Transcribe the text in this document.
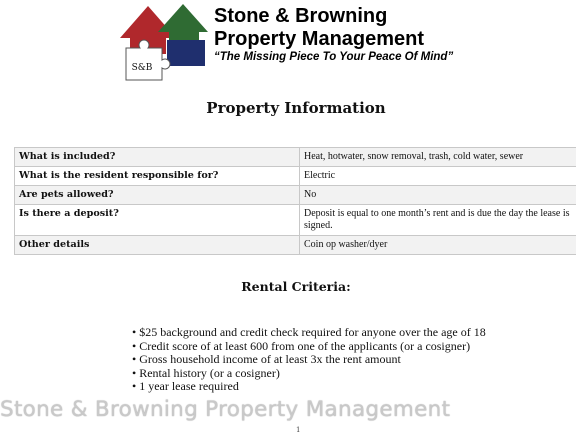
S&B
Stone & Browning
Property Management
“The Missing Piece To Your Peace Of Mind”
Property Information
What is included?	Heat, hotwater, snow removal, trash, cold water, sewer
What is the resident responsible for?	Electric
Are pets allowed?	No
Is there a deposit?	Deposit is equal to one month’s rent and is due the day the lease is signed.
Other details	Coin op washer/dyer
Rental Criteria:
• $25 background and credit check required for anyone over the age of 18
• Credit score of at least 600 from one of the applicants (or a cosigner)
• Gross household income of at least 3x the rent amount
• Rental history (or a cosigner)
• 1 year lease required
Stone & Browning Property Management
1
